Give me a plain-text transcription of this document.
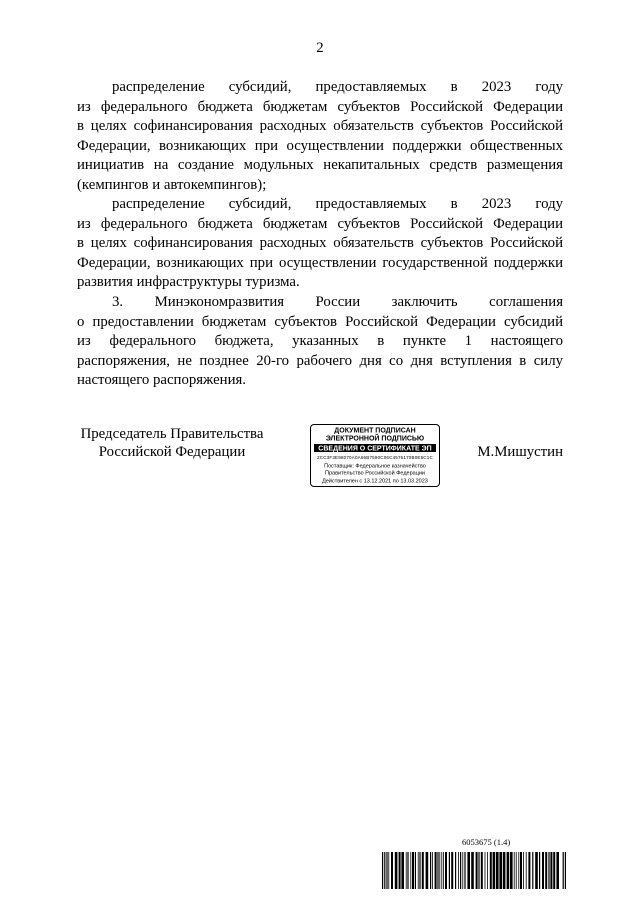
2
распределение субсидий, предоставляемых в 2023 году
из федерального бюджета бюджетам субъектов Российской Федерации
в целях софинансирования расходных обязательств субъектов Российской
Федерации, возникающих при осуществлении поддержки общественных
инициатив на создание модульных некапитальных средств размещения
(кемпингов и автокемпингов);
распределение субсидий, предоставляемых в 2023 году
из федерального бюджета бюджетам субъектов Российской Федерации
в целях софинансирования расходных обязательств субъектов Российской
Федерации, возникающих при осуществлении государственной поддержки
развития инфраструктуры туризма.
3. Минэкономразвития России заключить соглашения
о предоставлении бюджетам субъектов Российской Федерации субсидий
из федерального бюджета, указанных в пункте 1 настоящего
распоряжения, не позднее 20-го рабочего дня со дня вступления в силу
настоящего распоряжения.
Председатель Правительства
Российской Федерации
ДОКУМЕНТ ПОДПИСАН
ЭЛЕКТРОННОЙ ПОДПИСЬЮ
СВЕДЕНИЯ О СЕРТИФИКАТЕ ЭП
2CC3F3E98070A0A66B7590C06C4576170B0E5C1C
Поставщик: Федеральное казначейство
Правительство Российской Федерации
Действителен с 13.12.2021 по 13.03.2023
М.Мишустин
6053675 (1.4)
